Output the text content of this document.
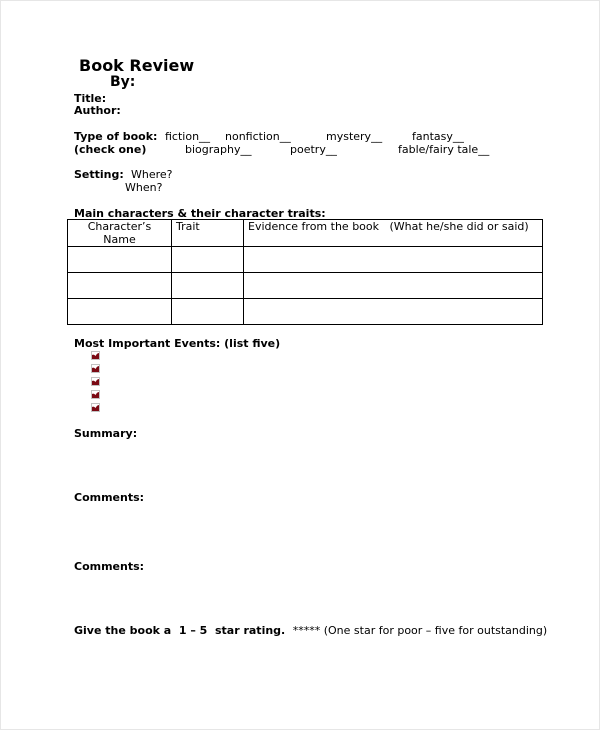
Book Review
By:
Title:
Author:
Type of book:
(check one)
fiction__ nonfiction__	mystery__	fantasy__
biography__	poetry__	fable/fairy tale__
Setting: Where?
When?
Main characters & their character traits:
Character’s Name	Trait	Evidence from the book   (What he/she did or said)

Most Important Events: (list five)
Summary:
Comments:
Comments:
Give the book a  1 – 5  star rating. ***** (One star for poor – five for outstanding)
